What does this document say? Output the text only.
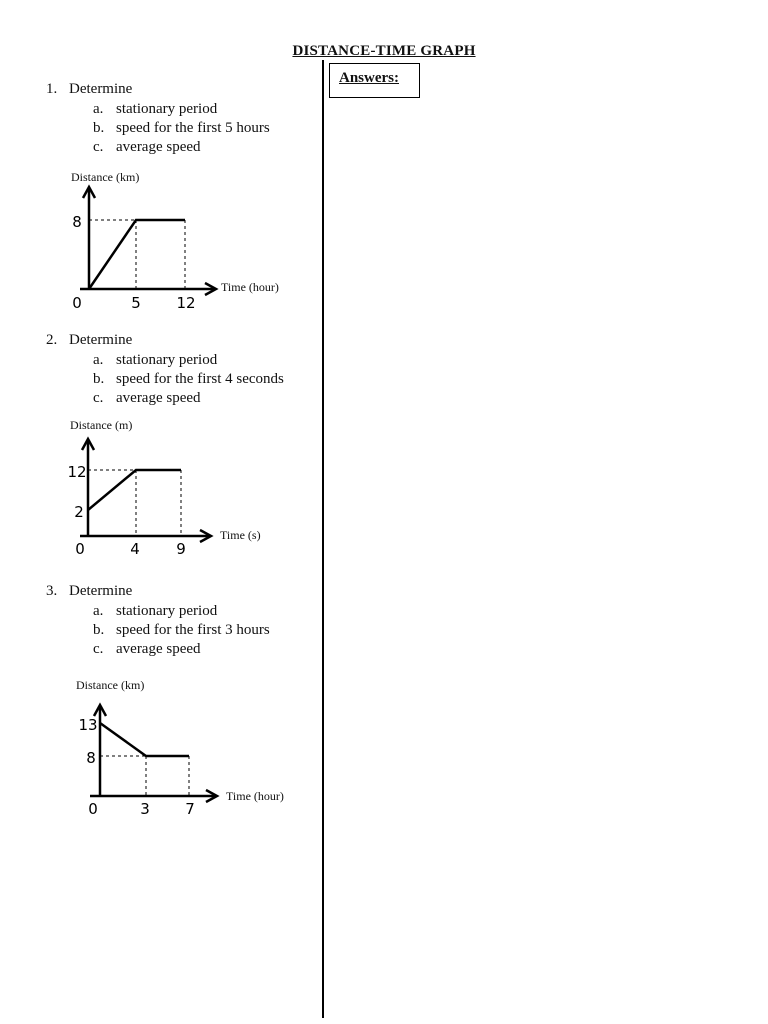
DISTANCE-TIME GRAPH
Answers:
1. Determine
a. stationary period
b. speed for the first 5 hours
c. average speed
Distance (km)
8
0	5 12
Time (hour)
2. Determine
a. stationary period
b. speed for the first 4 seconds
c. average speed
Distance (m)
12
2
0	4 9
Time (s)
3. Determine
a. stationary period
b. speed for the first 3 hours
c. average speed
Distance (km)
13
8
0	3 7
Time (hour)
